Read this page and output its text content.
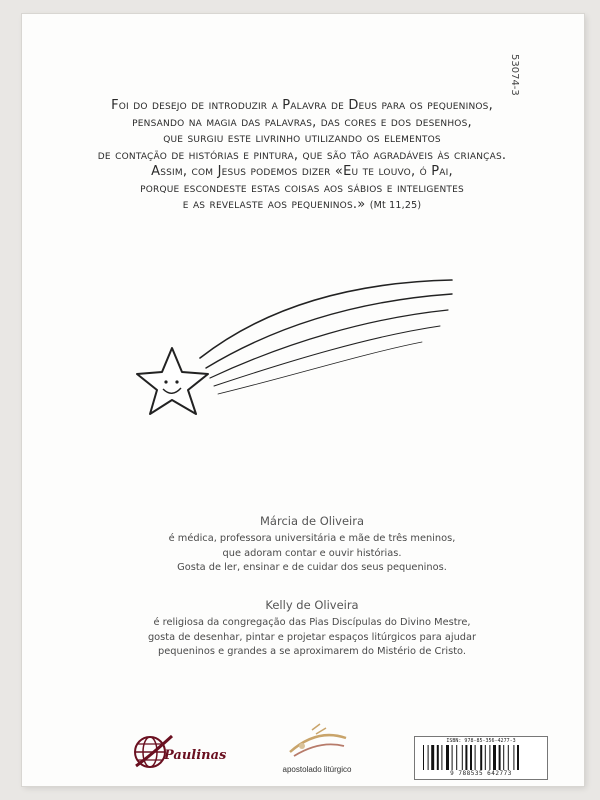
53074-3
Foi do desejo de introduzir a Palavra de Deus para os pequeninos,
pensando na magia das palavras, das cores e dos desenhos,
que surgiu este livrinho utilizando os elementos
de contação de histórias e pintura, que são tão agradáveis às crianças.
Assim, com Jesus podemos dizer «Eu te louvo, ó Pai,
porque escondeste estas coisas aos sábios e inteligentes
e as revelaste aos pequeninos.» (Mt 11,25)
Márcia de Oliveira
é médica, professora universitária e mãe de três meninos,
que adoram contar e ouvir histórias.
Gosta de ler, ensinar e de cuidar dos seus pequeninos.
Kelly de Oliveira
é religiosa da congregação das Pias Discípulas do Divino Mestre,
gosta de desenhar, pintar e projetar espaços litúrgicos para ajudar
pequeninos e grandes a se aproximarem do Mistério de Cristo.
Paulinas
apostolado litúrgico
ISBN: 978-85-356-4277-3
9 788535 642773
